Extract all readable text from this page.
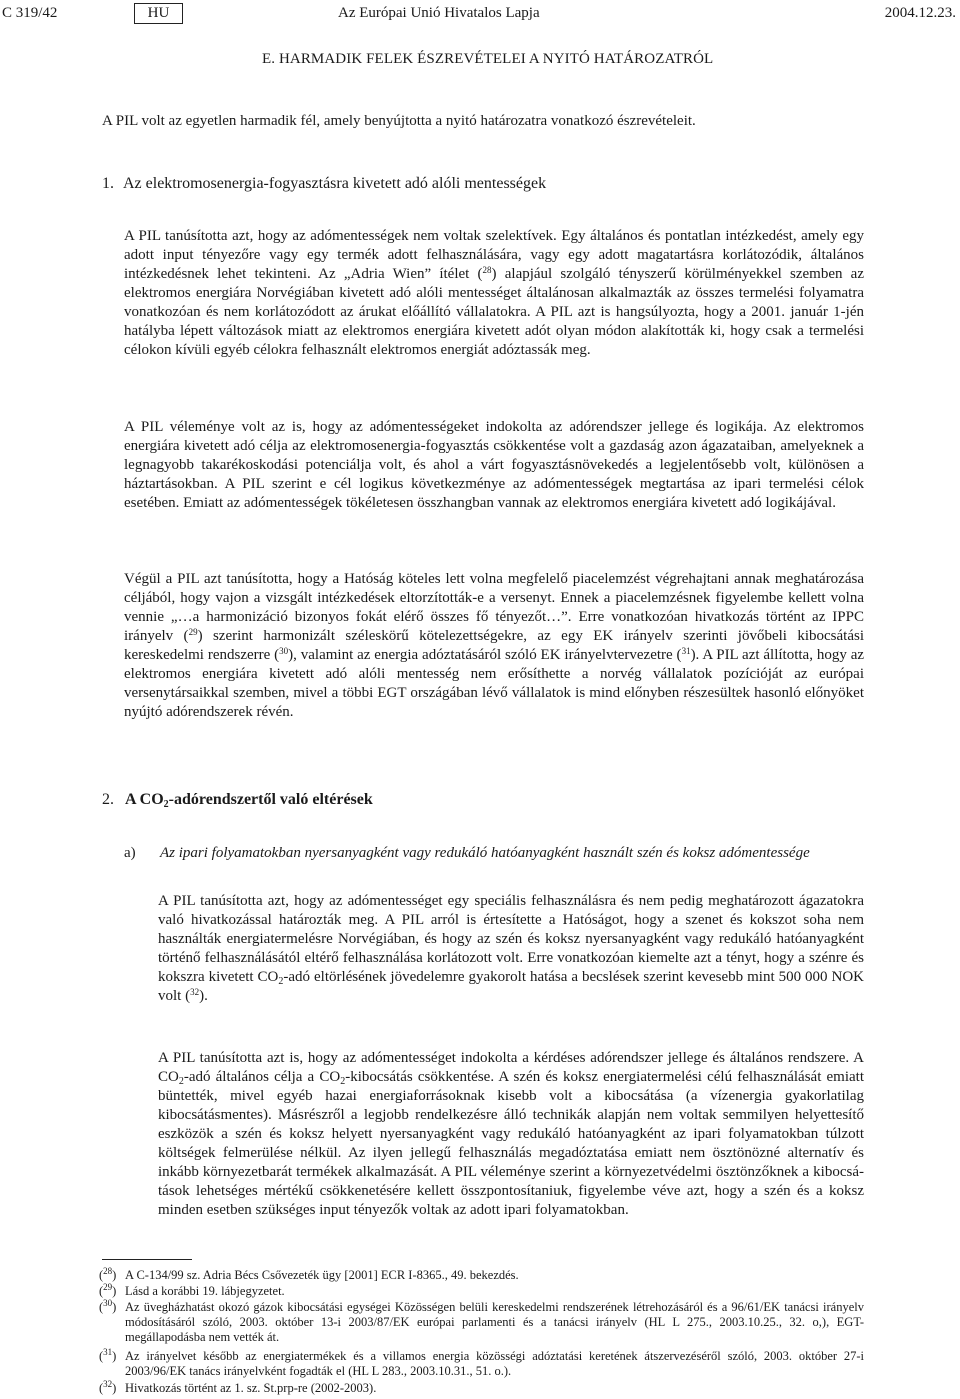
C 319/42	HU	Az Európai Unió Hivatalos Lapja	2004.12.23.
E. HARMADIK FELEK ÉSZREVÉTELEI A NYITÓ HATÁROZATRÓL

A PIL volt az egyetlen harmadik fél, amely benyújtotta a nyitó határozatra vonatkozó észrevételeit.

1. Az elektromosenergia-fogyasztásra kivetett adó alóli mentességek

A PIL tanúsította azt, hogy az adómentességek nem voltak szelektívek. Egy általános és pontatlan intézkedést, amely egy adott input tényezőre vagy egy termék adott felhasználására, vagy egy adott magatartásra korlátozódik, általános intézkedésnek lehet tekinteni. Az „Adria Wien” ítélet ($^{28}$) alapjául szolgáló tényszerű körülményekkel szemben az elektromos energiára Norvégiában kivetett adó alóli mentességet általánosan alkalmazták az összes termelési folyamatra vonatkozóan és nem korlátozódott az árukat előállító vállalatokra. A PIL azt is hangsúlyozta, hogy a 2001. január 1-jén hatályba lépett változások miatt az elektromos energiára kivetett adót olyan módon alakították ki, hogy csak a termelési célokon kívüli egyéb célokra felhasznált elektromos energiát adóztassák meg.

A PIL véleménye volt az is, hogy az adómentességeket indokolta az adórendszer jellege és logikája. Az elektromos energiára kivetett adó célja az elektromosenergia-fogyasztás csökkentése volt a gazdaság azon ágazataiban, amelyeknek a legnagyobb takarékoskodási potenciálja volt, és ahol a várt fogyasztásnövekedés a legjelentősebb volt, különösen a háztartásokban. A PIL szerint e cél logikus következménye az adómentességek megtartása az ipari termelési célok esetében. Emiatt az adómentességek tökéletesen összhangban vannak az elektromos energiára kivetett adó logikájával.

Végül a PIL azt tanúsította, hogy a Hatóság köteles lett volna megfelelő piacelemzést végrehajtani annak meghatározása céljából, hogy vajon a vizsgált intézkedések eltorzították-e a versenyt. Ennek a piacelemzésnek figyelembe kellett volna vennie „…a harmonizáció bizonyos fokát elérő összes fő tényezőt…”. Erre vonatkozóan hivatkozás történt az IPPC irányelv ($^{29}$) szerint harmonizált széleskörű kötelezettségekre, az egy EK irányelv szerinti jövőbeli kibocsátási kereskedelmi rendszerre ($^{30}$), valamint az energia adóztatásáról szóló EK irányelvtervezetre ($^{31}$). A PIL azt állította, hogy az elektromos energiára kivetett adó alóli mentesség nem erősíthette a norvég vállalatok pozícióját az európai versenytársaikkal szemben, mivel a többi EGT országában lévő vállalatok is mind előnyben részesültek hasonló előnyöket nyújtó adórendszerek révén.

2. A CO2-adórendszertől való eltérések
a) Az ipari folyamatokban nyersanyagként vagy redukáló hatóanyagként használt szén és koksz adómentessége

A PIL tanúsította azt, hogy az adómentességet egy speciális felhasználásra és nem pedig meghatározott ágazatokra való hivatkozással határozták meg. A PIL arról is értesítette a Hatóságot, hogy a szenet és kokszot soha nem használták energiatermelésre Norvégiában, és hogy az szén és koksz nyersanyagként vagy redukáló hatóanyagként történő felhasználásától eltérő felhasználása korlátozott volt. Erre vonatkozóan kiemelte azt a tényt, hogy a szénre és kokszra kivetett $CO_2$-adó eltörlésének jövedelemre gyakorolt hatása a becslések szerint kevesebb mint 500 000 NOK volt ($^{32}$).

A PIL tanúsította azt is, hogy az adómentességet indokolta a kérdéses adórendszer jellege és általános rendszere. A $CO_2$-adó általános célja a $CO_2$-kibocsátás csökkentése. A szén és koksz energiatermelési célú felhasználását emiatt büntették, mivel egyéb hazai energiaforrásoknak kisebb volt a kibocsátása (a vízenergia gyakorlatilag kibocsátásmentes). Másrészről a legjobb rendelkezésre álló technikák alapján nem voltak semmilyen helyettesítő eszközök a szén és koksz helyett nyersanyagként vagy redukáló hatóanyagként az ipari folyamatokban túlzott költségek felmerülése nélkül. Az ilyen jellegű felhasználás megadóztatása emiatt nem ösztönözné alternatív és inkább környezetbarát termékek alkalmazását. A PIL véleménye szerint a környezetvédelmi ösztönzőknek a kibocsátások lehetséges mértékű csökkenetésére kellett összpontosítaniuk, figyelembe véve azt, hogy a szén és a koksz minden esetben szükséges input tényezők voltak az adott ipari folyamatokban.

($^{28}$) A C-134/99 sz. Adria Bécs Csővezeték ügy [2001] ECR I-8365., 49. bekezdés.
($^{29}$) Lásd a korábbi 19. lábjegyzetet.
($^{30}$) Az üvegházhatást okozó gázok kibocsátási egységei Közösségen belüli kereskedelmi rendszerének létrehozásáról és a 96/61/EK tanácsi irányelv módosításáról szóló, 2003. október 13-i 2003/87/EK európai parlamenti és a tanácsi irányelv (HL L 275., 2003.10.25., 32. o,), EGT-megállapodásba nem vették át.
($^{31}$) Az irányelvet később az energiatermékek és a villamos energia közösségi adóztatási keretének átszervezéséről szóló, 2003. október 27-i 2003/96/EK tanács irányelvként fogadták el (HL L 283., 2003.10.31., 51. o.).
($^{32}$) Hivatkozás történt az 1. sz. St.prp-re (2002-2003).
